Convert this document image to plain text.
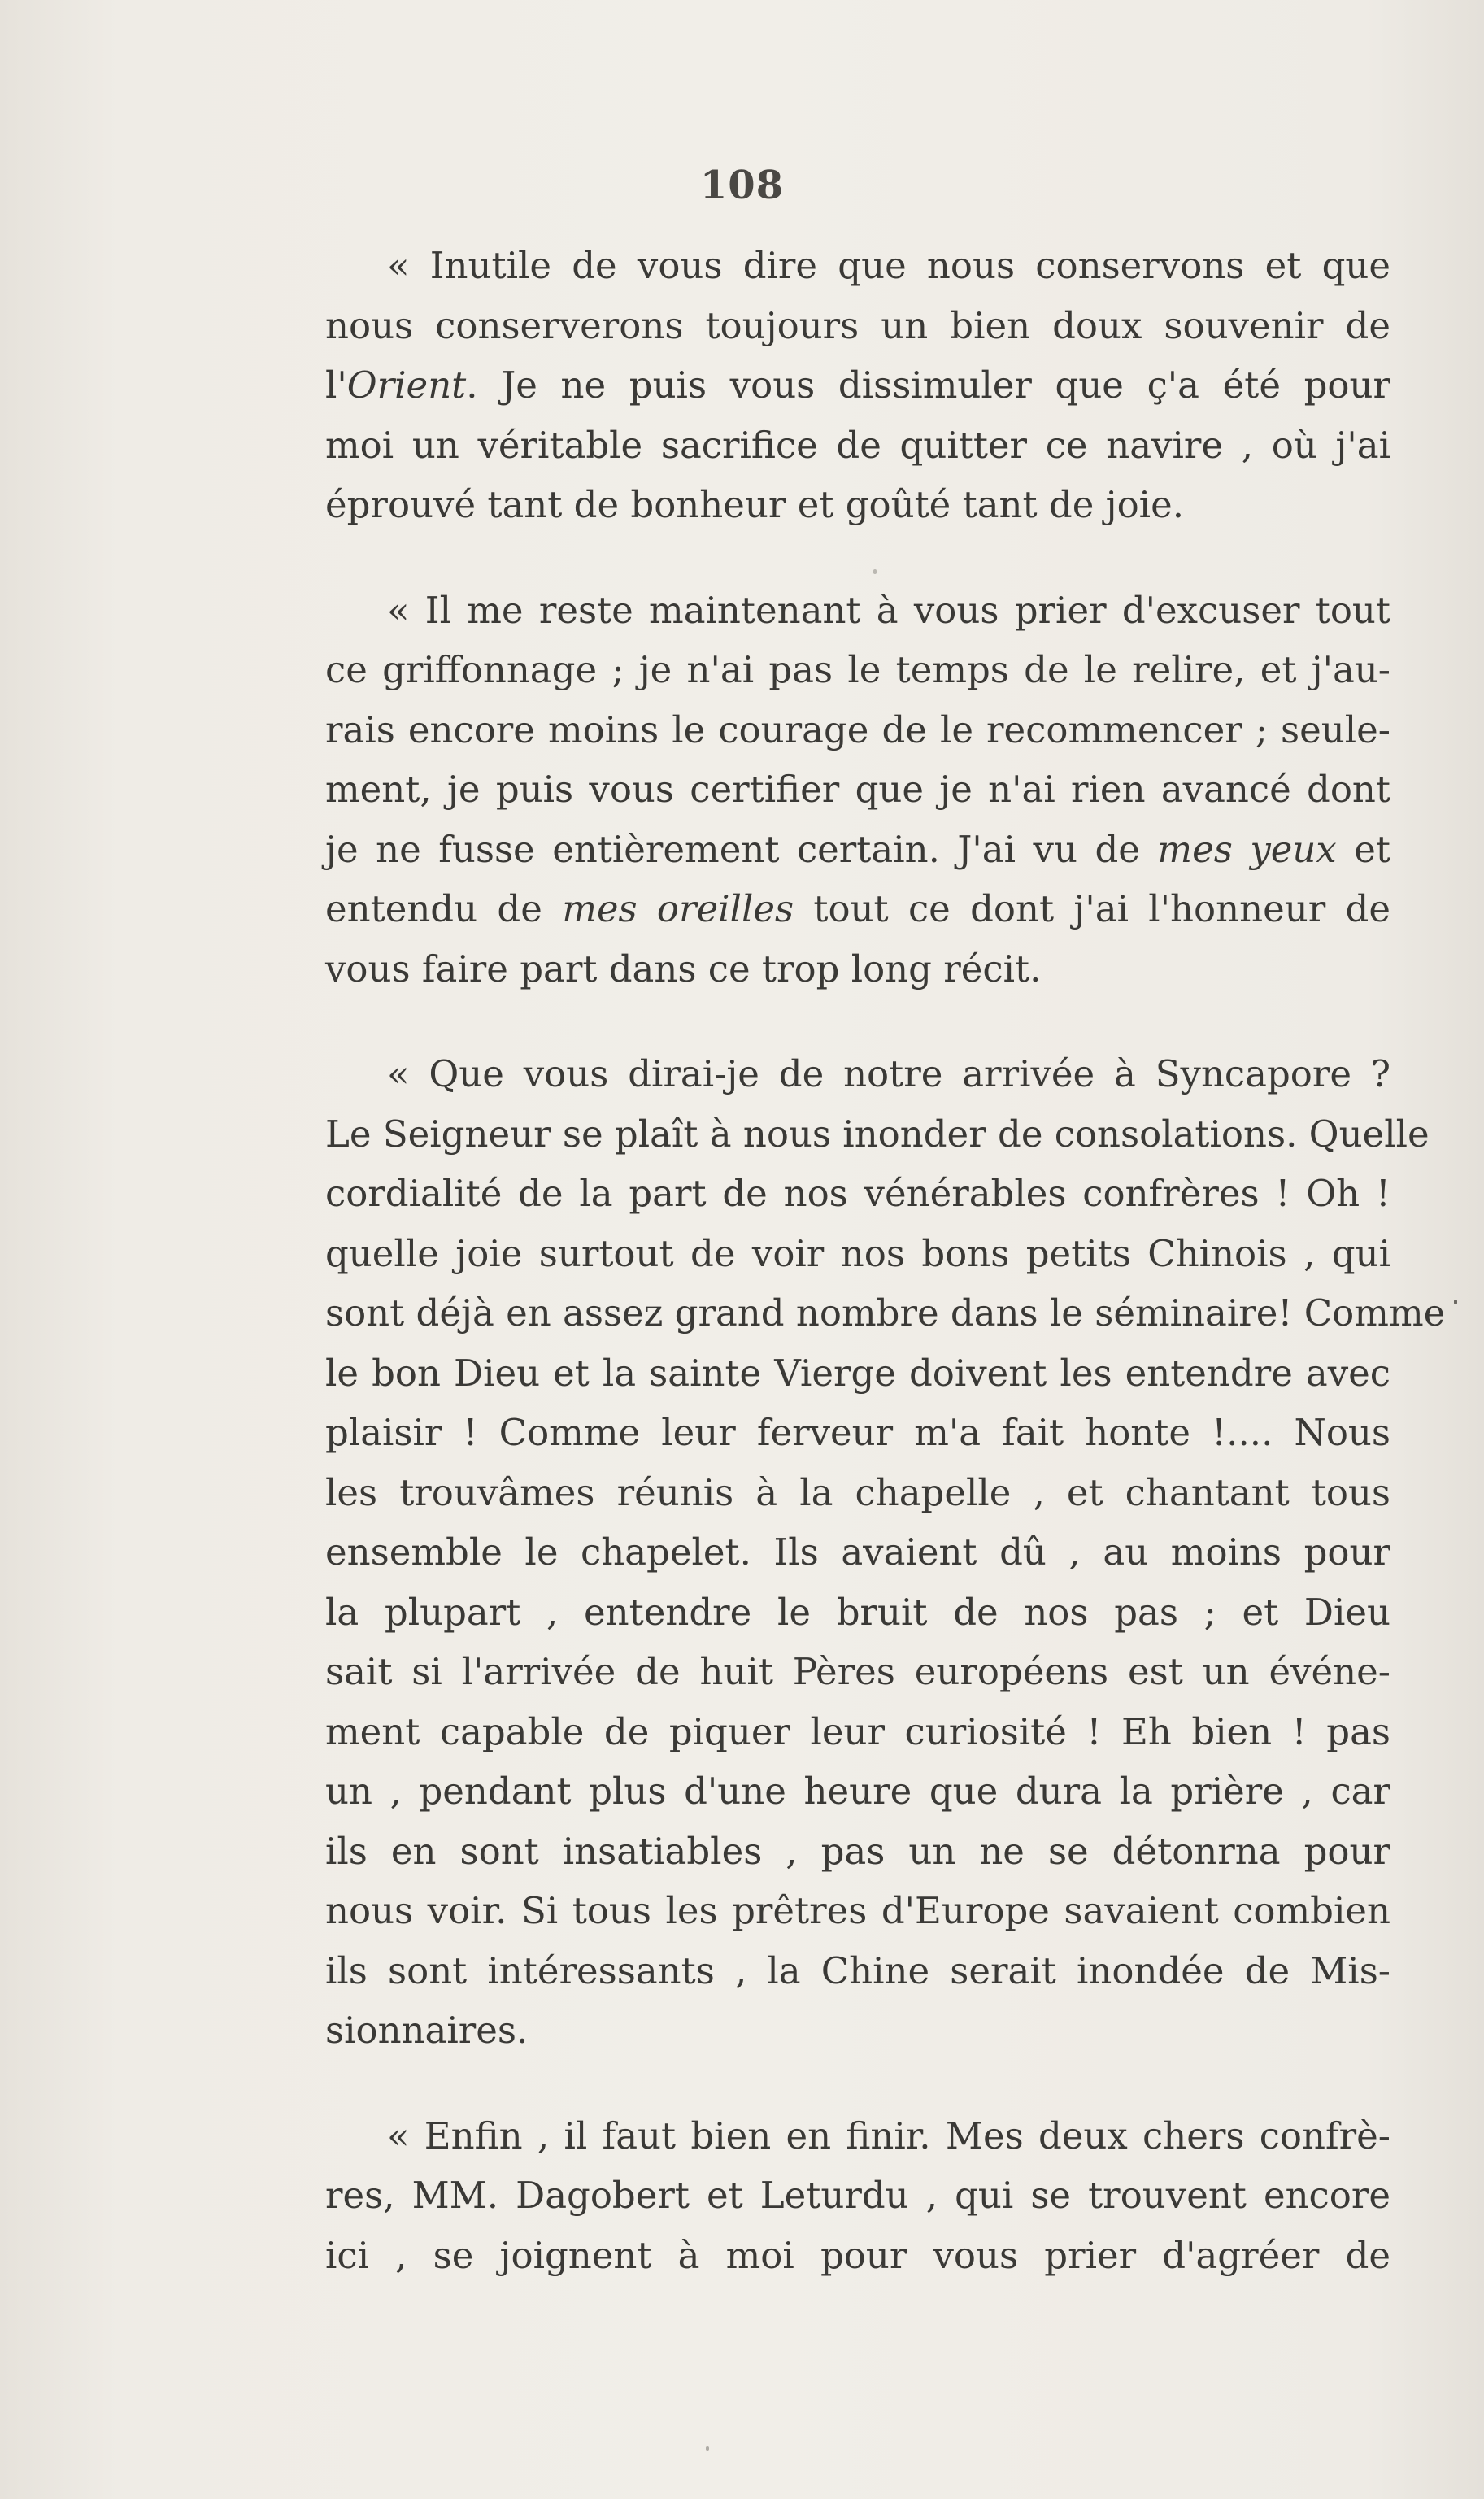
108

« Inutile de vous dire que nous conservons et que
nous conserverons toujours un bien doux souvenir de
l'Orient. Je ne puis vous dissimuler que ç'a été pour
moi un véritable sacrifice de quitter ce navire , où j'ai
éprouvé tant de bonheur et goûté tant de joie.

« Il me reste maintenant à vous prier d'excuser tout
ce griffonnage ; je n'ai pas le temps de le relire, et j'au-
rais encore moins le courage de le recommencer ; seule-
ment, je puis vous certifier que je n'ai rien avancé dont
je ne fusse entièrement certain. J'ai vu de mes yeux et
entendu de mes oreilles tout ce dont j'ai l'honneur de
vous faire part dans ce trop long récit.

« Que vous dirai-je de notre arrivée à Syncapore ?
Le Seigneur se plaît à nous inonder de consolations. Quelle
cordialité de la part de nos vénérables confrères ! Oh !
quelle joie surtout de voir nos bons petits Chinois , qui
sont déjà en assez grand nombre dans le séminaire! Comme
le bon Dieu et la sainte Vierge doivent les entendre avec
plaisir ! Comme leur ferveur m'a fait honte !.... Nous
les trouvâmes réunis à la chapelle , et chantant tous
ensemble le chapelet. Ils avaient dû , au moins pour
la plupart , entendre le bruit de nos pas ; et Dieu
sait si l'arrivée de huit Pères européens est un événe-
ment capable de piquer leur curiosité ! Eh bien ! pas
un , pendant plus d'une heure que dura la prière , car
ils en sont insatiables , pas un ne se détonrna pour
nous voir. Si tous les prêtres d'Europe savaient combien
ils sont intéressants , la Chine serait inondée de Mis-
sionnaires.

« Enfin , il faut bien en finir. Mes deux chers confrè-
res, MM. Dagobert et Leturdu , qui se trouvent encore
ici , se joignent à moi pour vous prier d'agréer de
